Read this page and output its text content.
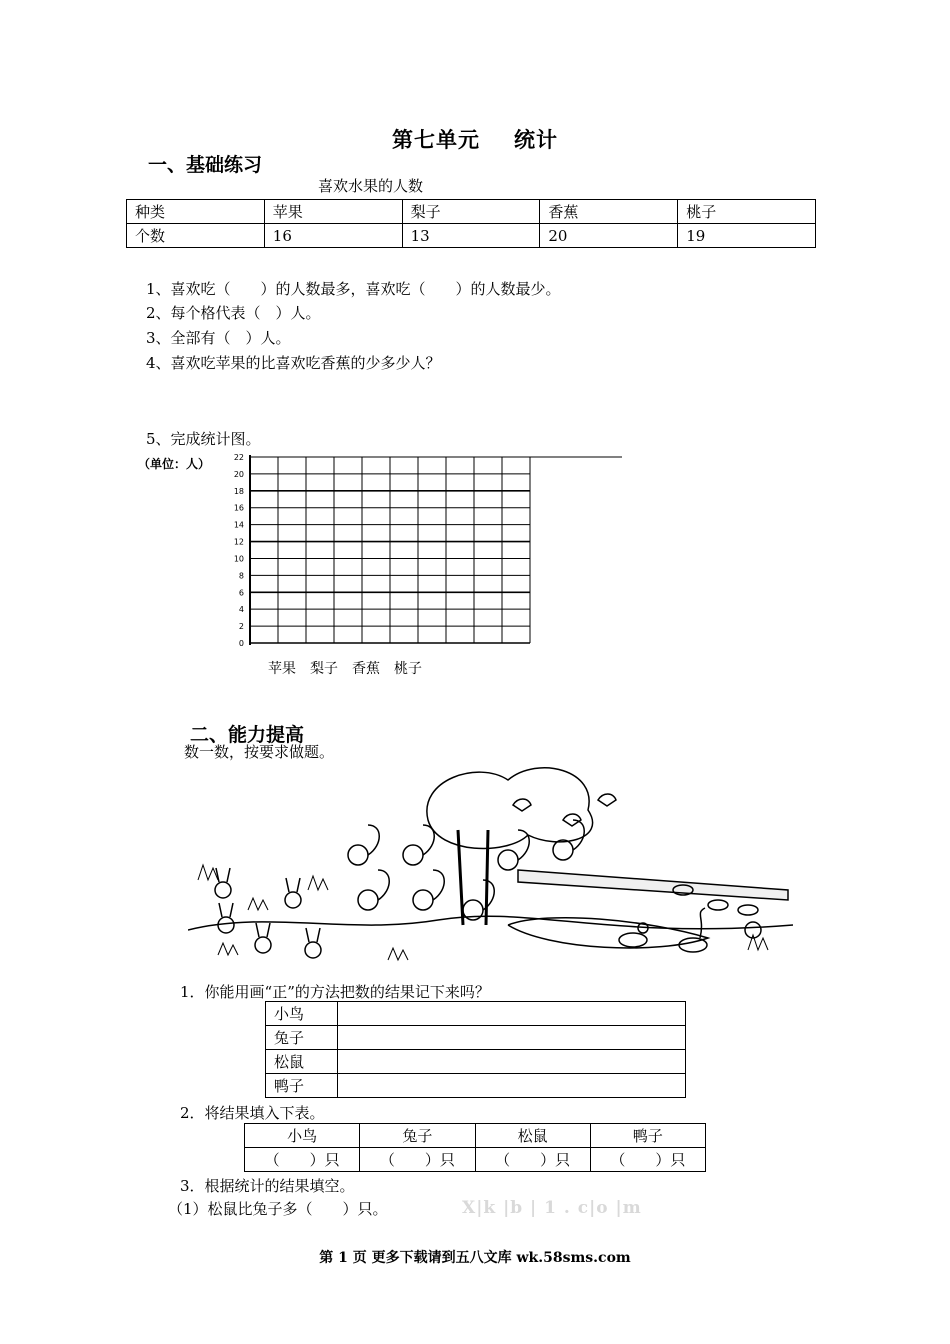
第七单元 统计
一、基础练习
喜欢水果的人数
种类	苹果	梨子	香蕉	桃子
个数	16	13	20	19
1、喜欢吃（　　）的人数最多，喜欢吃（　　）的人数最少。
2、每个格代表（　）人。
3、全部有（　）人。
4、喜欢吃苹果的比喜欢吃香蕉的少多少人？
5、完成统计图。
（单位：人）
0
2
4
6
8
10
12
14
16
18
20
22
苹果 梨子 香蕉 桃子
二、能力提高
数一数，按要求做题。
1．你能用画“正”的方法把数的结果记下来吗？
小鸟	
兔子	
松鼠	
鸭子	
2．将结果填入下表。
小鸟	兔子	松鼠	鸭子
（　　）只	（　　）只	（　　）只	（　　）只
3．根据统计的结果填空。
（1）松鼠比兔子多（　　）只。	X|k |b | 1 . c|o |m
第 1 页 更多下载请到五八文库 wk.58sms.com
